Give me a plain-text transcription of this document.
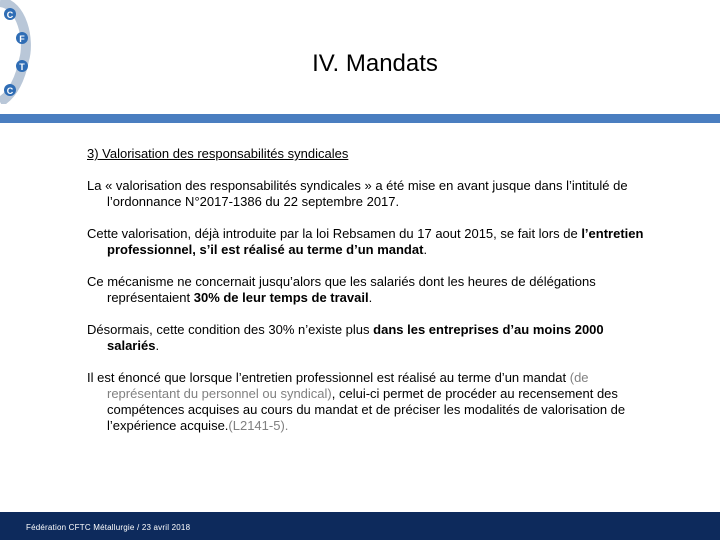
C
F
T
C
IV. Mandats

3) Valorisation des responsabilités syndicales

La « valorisation des responsabilités syndicales » a été mise en avant jusque dans l’intitulé de l’ordonnance N°2017-1386 du 22 septembre 2017.

Cette valorisation, déjà introduite par la loi Rebsamen du 17 aout 2015, se fait lors de l’entretien professionnel, s’il est réalisé au terme d’un mandat.

Ce mécanisme ne concernait jusqu’alors que les salariés dont les heures de délégations représentaient 30% de leur temps de travail.

Désormais, cette condition des 30% n’existe plus dans les entreprises d’au moins 2000 salariés.

Il est énoncé que lorsque l’entretien professionnel est réalisé au terme d’un mandat (de représentant du personnel ou syndical), celui-ci permet de procéder au recensement des compétences acquises au cours du mandat et de préciser les modalités de valorisation de l’expérience acquise.(L2141-5).

Fédération CFTC Métallurgie / 23 avril 2018
